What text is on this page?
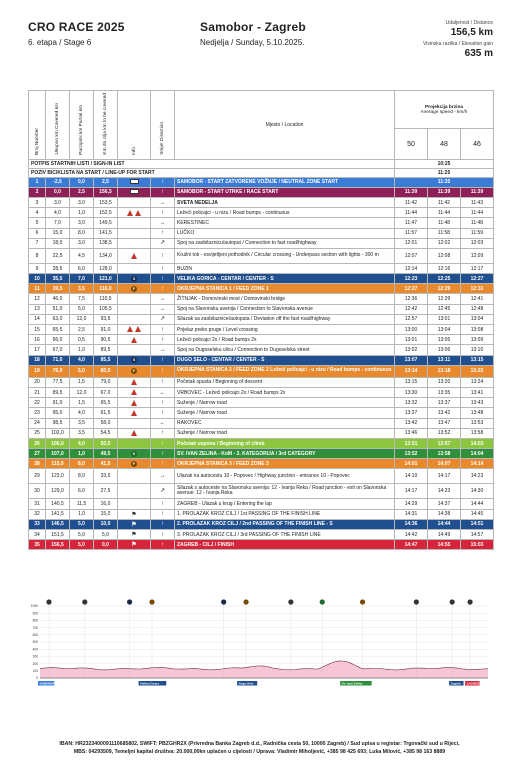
CRO RACE 2025
6. etapa / Stage 6
Samobor - Zagreb
Nedjelja / Sunday, 5.10.2025.
Udaljenost / Distance
156,5 km
Visinska razlika / Elevation gain
635 m
Broj Number	Ukupno km Covered km	Parcijalni km Partial km	Km do cilja km to be covered	Info	Smjer Direction	Mjesto / Location	Projekcija brzina
Average speed - km/h		

							50	48	46
POTPIS STARTNIH LISTI / SIGN-IN LIST							10:25		
POZIV BICIKLISTA NA START / LINE-UP FOR START							11:25		
1	-2,5	0,0	2,5		↑	SAMOBOR - START ZATVORENE VOŽNJE / NEUTRAL ZONE START	11:35		
2	0,0	2,5	156,5		↑	SAMOBOR - START UTRKE / RACE START	11:39	11:39	11:39
3	3,0	3,0	153,5		→	SVETA NEDELJA	11:42	11:42	11:43
4	4,0	1,0	152,5		↑	Ležeći policajci - u nizu / Road bumps - continuous	11:44	11:44	11:44
5	7,0	3,0	149,5		→	KERESTINEC	11:47	11:48	11:48
6	15,0	8,0	141,5		↑	LUČKO	11:57	11:58	11:59
7	18,0	3,0	138,5		↗	Spoj na zaobilaznicu/autoput / Connection to fast road/highway	12:01	12:02	12:03
8	22,5	4,5	134,0		↑	Kružni tok - osvijetljeni pothodnik / Circular crossing - Underpass section with lights - 300 m	12:07	12:08	12:09
9	28,5	6,0	128,0		↑	BUZIN	12:14	12:16	12:17
10	35,5	7,0	121,0	S	↑	VELIKA GORICA - CENTAR / CENTER - S	12:23	12:25	12:27
11	39,5	3,5	116,0	F	↑	OKRJEPNA STANICA 1 / FEED ZONE 1	12:27	12:29	12:31
12	46,0	7,5	110,5		→	ŽITNJAK - Domovinski most / Domovinski bridge	12:36	12:39	12:41
13	51,0	5,0	105,5		→	Spoj na Slavonsku avenija / Connection to Slavonska avenue	12:42	12:45	12:48
14	63,0	12,0	93,5		↗	Silazak sa zaobilaznice/autoputa / Deviation off the fast road/highway	12:57	13:01	13:04
15	65,5	2,5	91,0		↑	Prijelaz preko pruge / Level crossing	13:00	13:04	13:08
16	66,0	0,5	90,5		↑	Ležeći policajci 2x / Road bumps 2x	13:01	13:05	13:09
17	67,0	1,0	89,5		→	Spoj na Dugoselsku ulicu / Connection to Dugoselska street	13:02	13:06	13:10
18	71,0	4,0	85,5	S	↑	DUGO SELO - CENTAR / CENTER - S	13:07	13:11	13:15
19	76,0	5,0	80,5	F	↑	OKRJEPNA STANICA 2 / FEED ZONE 2 Ležeći policajci - u nizu / Road bumps - continuous	13:14	13:18	13:22
20	77,5	1,5	79,0		↑	Početak spusta / Beginning of descent	13:15	13:20	13:24
21	89,5	12,0	67,0		←	VRBOVEC - Ležeći policajci 2x / Road bumps 2x	13:30	13:35	13:41
22	91,0	1,5	65,5		↑	Suženje / Narrow road	13:32	13:37	13:43
23	95,0	4,0	61,5		↑	Suženje / Narrow road	13:37	13:42	13:48
24	98,5	3,5	58,0		←	RAKOVEC	13:42	13:47	13:53
25	102,0	3,5	54,5		↑	Suženje / Narrow road	13:46	13:52	13:58
26	106,0	4,0	50,5		↑	Početak uspona / Beginning of climb	13:51	13:57	14:03
27	107,0	1,0	49,5	K	↑	SV. IVAN ZELINA - KoM - 3. KATEGORIJA / 3rd CATEGORY	13:52	13:58	14:04
28	115,0	8,0	41,5	F	↑	OKRJEPNA STANICA 3 / FEED ZONE 3	14:01	14:07	14:14
29	123,0	8,0	33,5		→	Ulazak na autocestu 10 - Popovec / Highway junction - entrance 10 - Popovec	14:10	14:17	14:23
30	129,0	6,0	27,5		↗	Silazak s autoceste na Slavonsku avenija: 12 - Ivanja Reka / Road junction - exit on Slavonska avenue: 12 - Ivanja Reka	14:17	14:23	14:30
31	140,5	11,5	16,0		↑	ZAGREB - Ulazak u krug / Entering the lap	14:29	14:37	14:44
32	141,5	1,0	15,0	⚑	↑	1. PROLAZAK KROZ CILJ / 1st PASSING OF THE FINISH LINE	14:31	14:38	14:45
33	146,5	5,0	10,0	⚑	↑	2. PROLAZAK KROZ CILJ / 2nd PASSING OF THE FINISH LINE - S	14:36	14:44	14:51
34	151,5	5,0	5,0	⚑	↑	3. PROLAZAK KROZ CILJ / 3rd PASSING OF THE FINISH LINE	14:42	14:49	14:57
35	156,5	5,0	0,0	⚑	↑	ZAGREB - CILJ / FINISH	14:47	14:55	15:03
1000
900
800
700
600
500
400
300
200
100
0
SAMOBOR	Velika Gorica	Dugo Selo	Sv. Ivan Zelina	Zagreb ZAGREB
IBAN: HR2323400091110685802, SWIFT: PBZGHR2X (Privredna Banka Zagreb d.d., Radnička cesta 50, 10000 Zagreb) / Sud upisa u registar: Trgovački sud u Rijeci,
MBS: 04293509, Temeljni kapital društva: 20.000,00kn uplaćen u cijelosti / Uprava: Vladimir Miholjević, +385 98 425 693; Luka Milović, +385 98 163 8889
